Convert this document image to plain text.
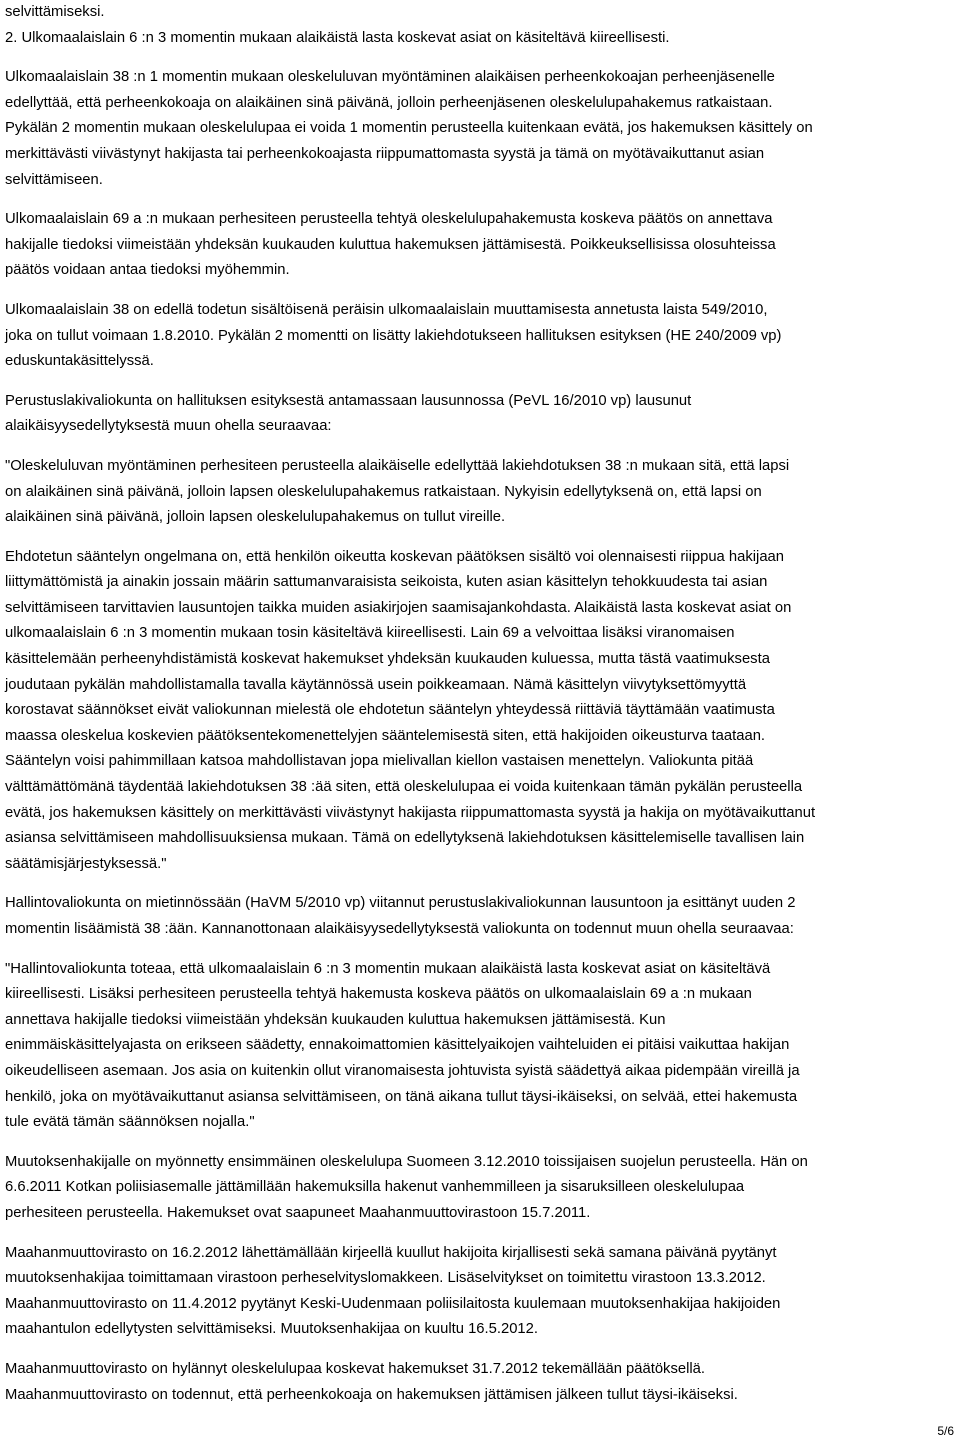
selvittämiseksi.

2. Ulkomaalaislain 6 :n 3 momentin mukaan alaikäistä lasta koskevat asiat on käsiteltävä kiireellisesti.

Ulkomaalaislain 38 :n 1 momentin mukaan oleskeluluvan myöntäminen alaikäisen perheenkokoajan perheenjäsenelle
edellyttää, että perheenkokoaja on alaikäinen sinä päivänä, jolloin perheenjäsenen oleskelulupahakemus ratkaistaan.
Pykälän 2 momentin mukaan oleskelulupaa ei voida 1 momentin perusteella kuitenkaan evätä, jos hakemuksen käsittely on
merkittävästi viivästynyt hakijasta tai perheenkokoajasta riippumattomasta syystä ja tämä on myötävaikuttanut asian
selvittämiseen.

Ulkomaalaislain 69 a :n mukaan perhesiteen perusteella tehtyä oleskelulupahakemusta koskeva päätös on annettava
hakijalle tiedoksi viimeistään yhdeksän kuukauden kuluttua hakemuksen jättämisestä. Poikkeuksellisissa olosuhteissa
päätös voidaan antaa tiedoksi myöhemmin.

Ulkomaalaislain 38 on edellä todetun sisältöisenä peräisin ulkomaalaislain muuttamisesta annetusta laista 549/2010,
joka on tullut voimaan 1.8.2010. Pykälän 2 momentti on lisätty lakiehdotukseen hallituksen esityksen (HE 240/2009 vp)
eduskuntakäsittelyssä.

Perustuslakivaliokunta on hallituksen esityksestä antamassaan lausunnossa (PeVL 16/2010 vp) lausunut
alaikäisyysedellytyksestä muun ohella seuraavaa:

"Oleskeluluvan myöntäminen perhesiteen perusteella alaikäiselle edellyttää lakiehdotuksen 38 :n mukaan sitä, että lapsi
on alaikäinen sinä päivänä, jolloin lapsen oleskelulupahakemus ratkaistaan. Nykyisin edellytyksenä on, että lapsi on
alaikäinen sinä päivänä, jolloin lapsen oleskelulupahakemus on tullut vireille.

Ehdotetun sääntelyn ongelmana on, että henkilön oikeutta koskevan päätöksen sisältö voi olennaisesti riippua hakijaan
liittymättömistä ja ainakin jossain määrin sattumanvaraisista seikoista, kuten asian käsittelyn tehokkuudesta tai asian
selvittämiseen tarvittavien lausuntojen taikka muiden asiakirjojen saamisajankohdasta. Alaikäistä lasta koskevat asiat on
ulkomaalaislain 6 :n 3 momentin mukaan tosin käsiteltävä kiireellisesti. Lain 69 a velvoittaa lisäksi viranomaisen
käsittelemään perheenyhdistämistä koskevat hakemukset yhdeksän kuukauden kuluessa, mutta tästä vaatimuksesta
joudutaan pykälän mahdollistamalla tavalla käytännössä usein poikkeamaan. Nämä käsittelyn viivytyksettömyyttä
korostavat säännökset eivät valiokunnan mielestä ole ehdotetun sääntelyn yhteydessä riittäviä täyttämään vaatimusta
maassa oleskelua koskevien päätöksentekomenettelyjen sääntelemisestä siten, että hakijoiden oikeusturva taataan.
Sääntelyn voisi pahimmillaan katsoa mahdollistavan jopa mielivallan kiellon vastaisen menettelyn. Valiokunta pitää
välttämättömänä täydentää lakiehdotuksen 38 :ää siten, että oleskelulupaa ei voida kuitenkaan tämän pykälän perusteella
evätä, jos hakemuksen käsittely on merkittävästi viivästynyt hakijasta riippumattomasta syystä ja hakija on myötävaikuttanut
asiansa selvittämiseen mahdollisuuksiensa mukaan. Tämä on edellytyksenä lakiehdotuksen käsittelemiselle tavallisen lain
säätämisjärjestyksessä."

Hallintovaliokunta on mietinnössään (HaVM 5/2010 vp) viitannut perustuslakivaliokunnan lausuntoon ja esittänyt uuden 2
momentin lisäämistä 38 :ään. Kannanottonaan alaikäisyysedellytyksestä valiokunta on todennut muun ohella seuraavaa:

"Hallintovaliokunta toteaa, että ulkomaalaislain 6 :n 3 momentin mukaan alaikäistä lasta koskevat asiat on käsiteltävä
kiireellisesti. Lisäksi perhesiteen perusteella tehtyä hakemusta koskeva päätös on ulkomaalaislain 69 a :n mukaan
annettava hakijalle tiedoksi viimeistään yhdeksän kuukauden kuluttua hakemuksen jättämisestä. Kun
enimmäiskäsittelyajasta on erikseen säädetty, ennakoimattomien käsittelyaikojen vaihteluiden ei pitäisi vaikuttaa hakijan
oikeudelliseen asemaan. Jos asia on kuitenkin ollut viranomaisesta johtuvista syistä säädettyä aikaa pidempään vireillä ja
henkilö, joka on myötävaikuttanut asiansa selvittämiseen, on tänä aikana tullut täysi-ikäiseksi, on selvää, ettei hakemusta
tule evätä tämän säännöksen nojalla."

Muutoksenhakijalle on myönnetty ensimmäinen oleskelulupa Suomeen 3.12.2010 toissijaisen suojelun perusteella. Hän on
6.6.2011 Kotkan poliisiasemalle jättämillään hakemuksilla hakenut vanhemmilleen ja sisaruksilleen oleskelulupaa
perhesiteen perusteella. Hakemukset ovat saapuneet Maahanmuuttovirastoon 15.7.2011.

Maahanmuuttovirasto on 16.2.2012 lähettämällään kirjeellä kuullut hakijoita kirjallisesti sekä samana päivänä pyytänyt
muutoksenhakijaa toimittamaan virastoon perheselvityslomakkeen. Lisäselvitykset on toimitettu virastoon 13.3.2012.
Maahanmuuttovirasto on 11.4.2012 pyytänyt Keski-Uudenmaan poliisilaitosta kuulemaan muutoksenhakijaa hakijoiden
maahantulon edellytysten selvittämiseksi. Muutoksenhakijaa on kuultu 16.5.2012.

Maahanmuuttovirasto on hylännyt oleskelulupaa koskevat hakemukset 31.7.2012 tekemällään päätöksellä.
Maahanmuuttovirasto on todennut, että perheenkokoaja on hakemuksen jättämisen jälkeen tullut täysi-ikäiseksi.

5/6
